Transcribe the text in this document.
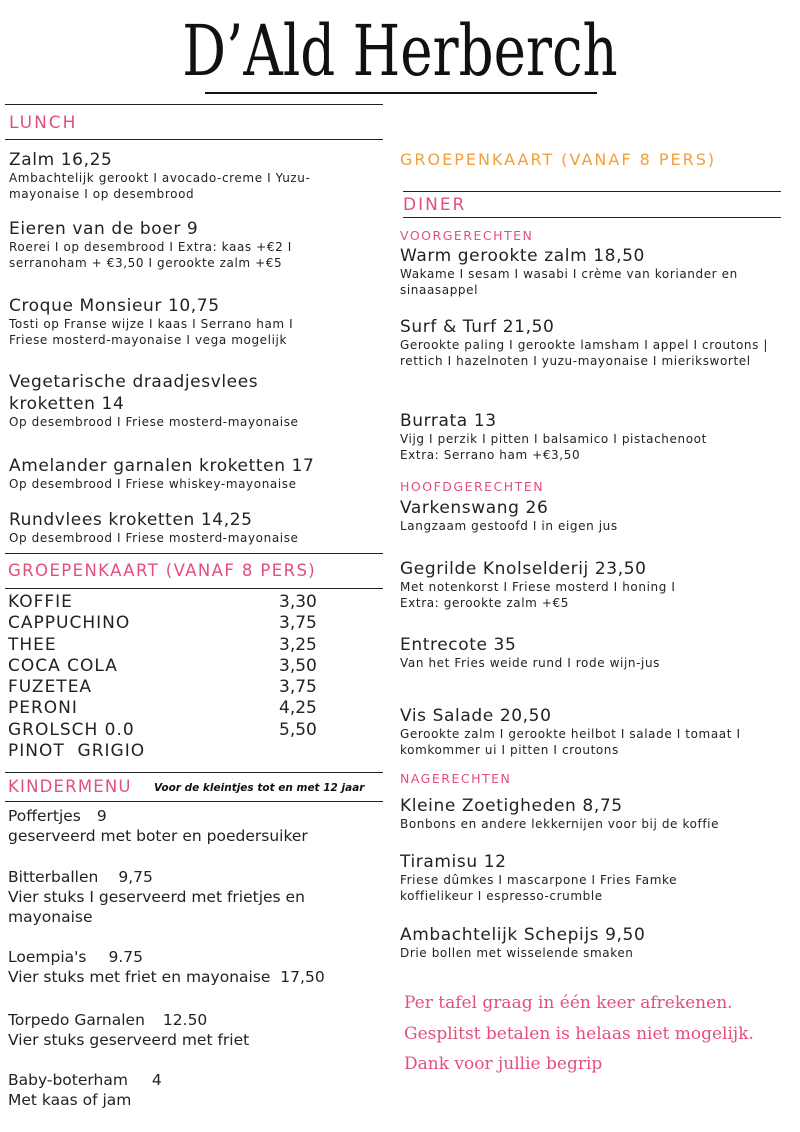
D’Ald Herberch
LUNCH
Zalm 16,25
Ambachtelijk gerookt I avocado-creme I Yuzu-mayonaise I op desembrood
Eieren van de boer 9
Roerei I op desembrood I Extra: kaas +€2 I serranoham + €3,50 I gerookte zalm +€5
Croque Monsieur 10,75
Tosti op Franse wijze I kaas I Serrano ham I Friese mosterd-mayonaise I vega mogelijk
Vegetarische draadjesvlees kroketten 14
Op desembrood I Friese mosterd-mayonaise
Amelander garnalen kroketten 17
Op desembrood I Friese whiskey-mayonaise
Rundvlees kroketten 14,25
Op desembrood I Friese mosterd-mayonaise
GROEPENKAART (VANAF 8 PERS)
KOFFIE
CAPPUCHINO
THEE
COCA COLA
FUZETEA
PERONI
GROLSCH 0.0
PINOT  GRIGIO
3,30
3,75
3,25
3,50
3,75
4,25
5,50
KINDERMENU Voor de kleintjes tot en met 12 jaar
Poffertjes 9
geserveerd met boter en poedersuiker
Bitterballen 9,75
Vier stuks I geserveerd met frietjes en mayonaise
Loempia's 9.75
Vier stuks met friet en mayonaise  17,50
Torpedo Garnalen 12.50
Vier stuks geserveerd met friet
Baby-boterham 4
Met kaas of jam
GROEPENKAART (VANAF 8 PERS)
DINER
VOORGERECHTEN
Warm gerookte zalm 18,50
Wakame I sesam I wasabi I crème van koriander en sinaasappel
Surf & Turf 21,50
Gerookte paling I gerookte lamsham I appel I croutons | rettich I hazelnoten I yuzu-mayonaise I mierikswortel
Burrata 13
Vijg I perzik I pitten I balsamico I pistachenoot
Extra: Serrano ham +€3,50
HOOFDGERECHTEN
Varkenswang 26
Langzaam gestoofd I in eigen jus
Gegrilde Knolselderij 23,50
Met notenkorst I Friese mosterd I honing I
Extra: gerookte zalm +€5
Entrecote 35
Van het Fries weide rund I rode wijn-jus
Vis Salade 20,50
Gerookte zalm I gerookte heilbot I salade I tomaat I komkommer ui I pitten I croutons
NAGERECHTEN
Kleine Zoetigheden 8,75
Bonbons en andere lekkernijen voor bij de koffie
Tiramisu 12
Friese dûmkes I mascarpone I Fries Famke koffielikeur I espresso-crumble
Ambachtelijk Schepijs 9,50
Drie bollen met wisselende smaken
Per tafel graag in één keer afrekenen.
Gesplitst betalen is helaas niet mogelijk.
Dank voor jullie begrip
